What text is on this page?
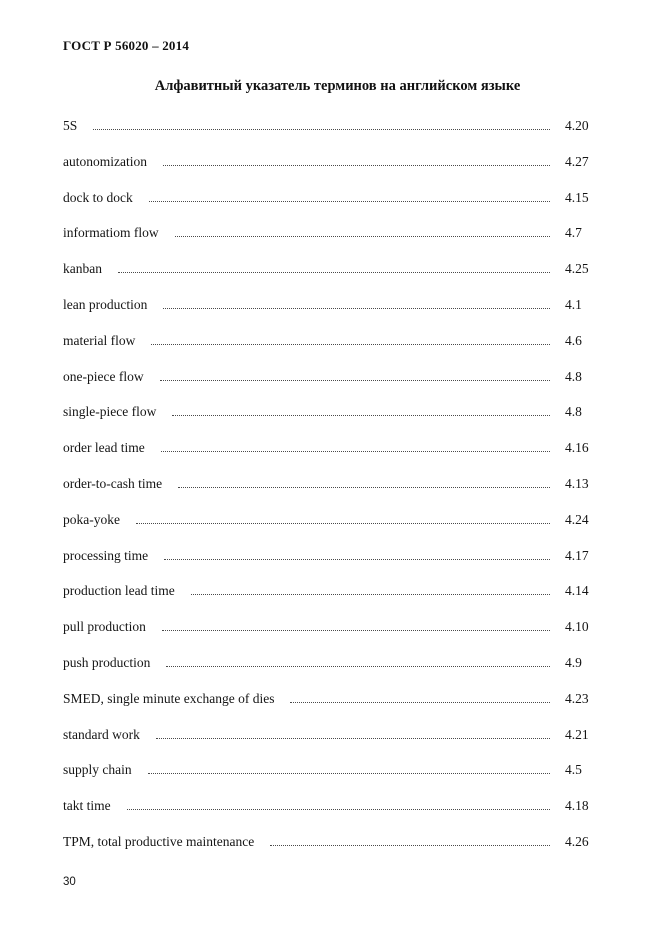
ГОСТ Р 56020 – 2014
Алфавитный указатель терминов на английском языке
5S	4.20
autonomization	4.27
dock to dock	4.15
informatiom flow	4.7
kanban	4.25
lean production	4.1
material flow	4.6
one-piece flow	4.8
single-piece flow	4.8
order lead time	4.16
order-to-cash time	4.13
poka-yoke	4.24
processing time	4.17
production lead time	4.14
pull production	4.10
push production	4.9
SMED, single minute exchange of dies	4.23
standard work	4.21
supply chain	4.5
takt time	4.18
TPM, total productive maintenance	4.26
30
